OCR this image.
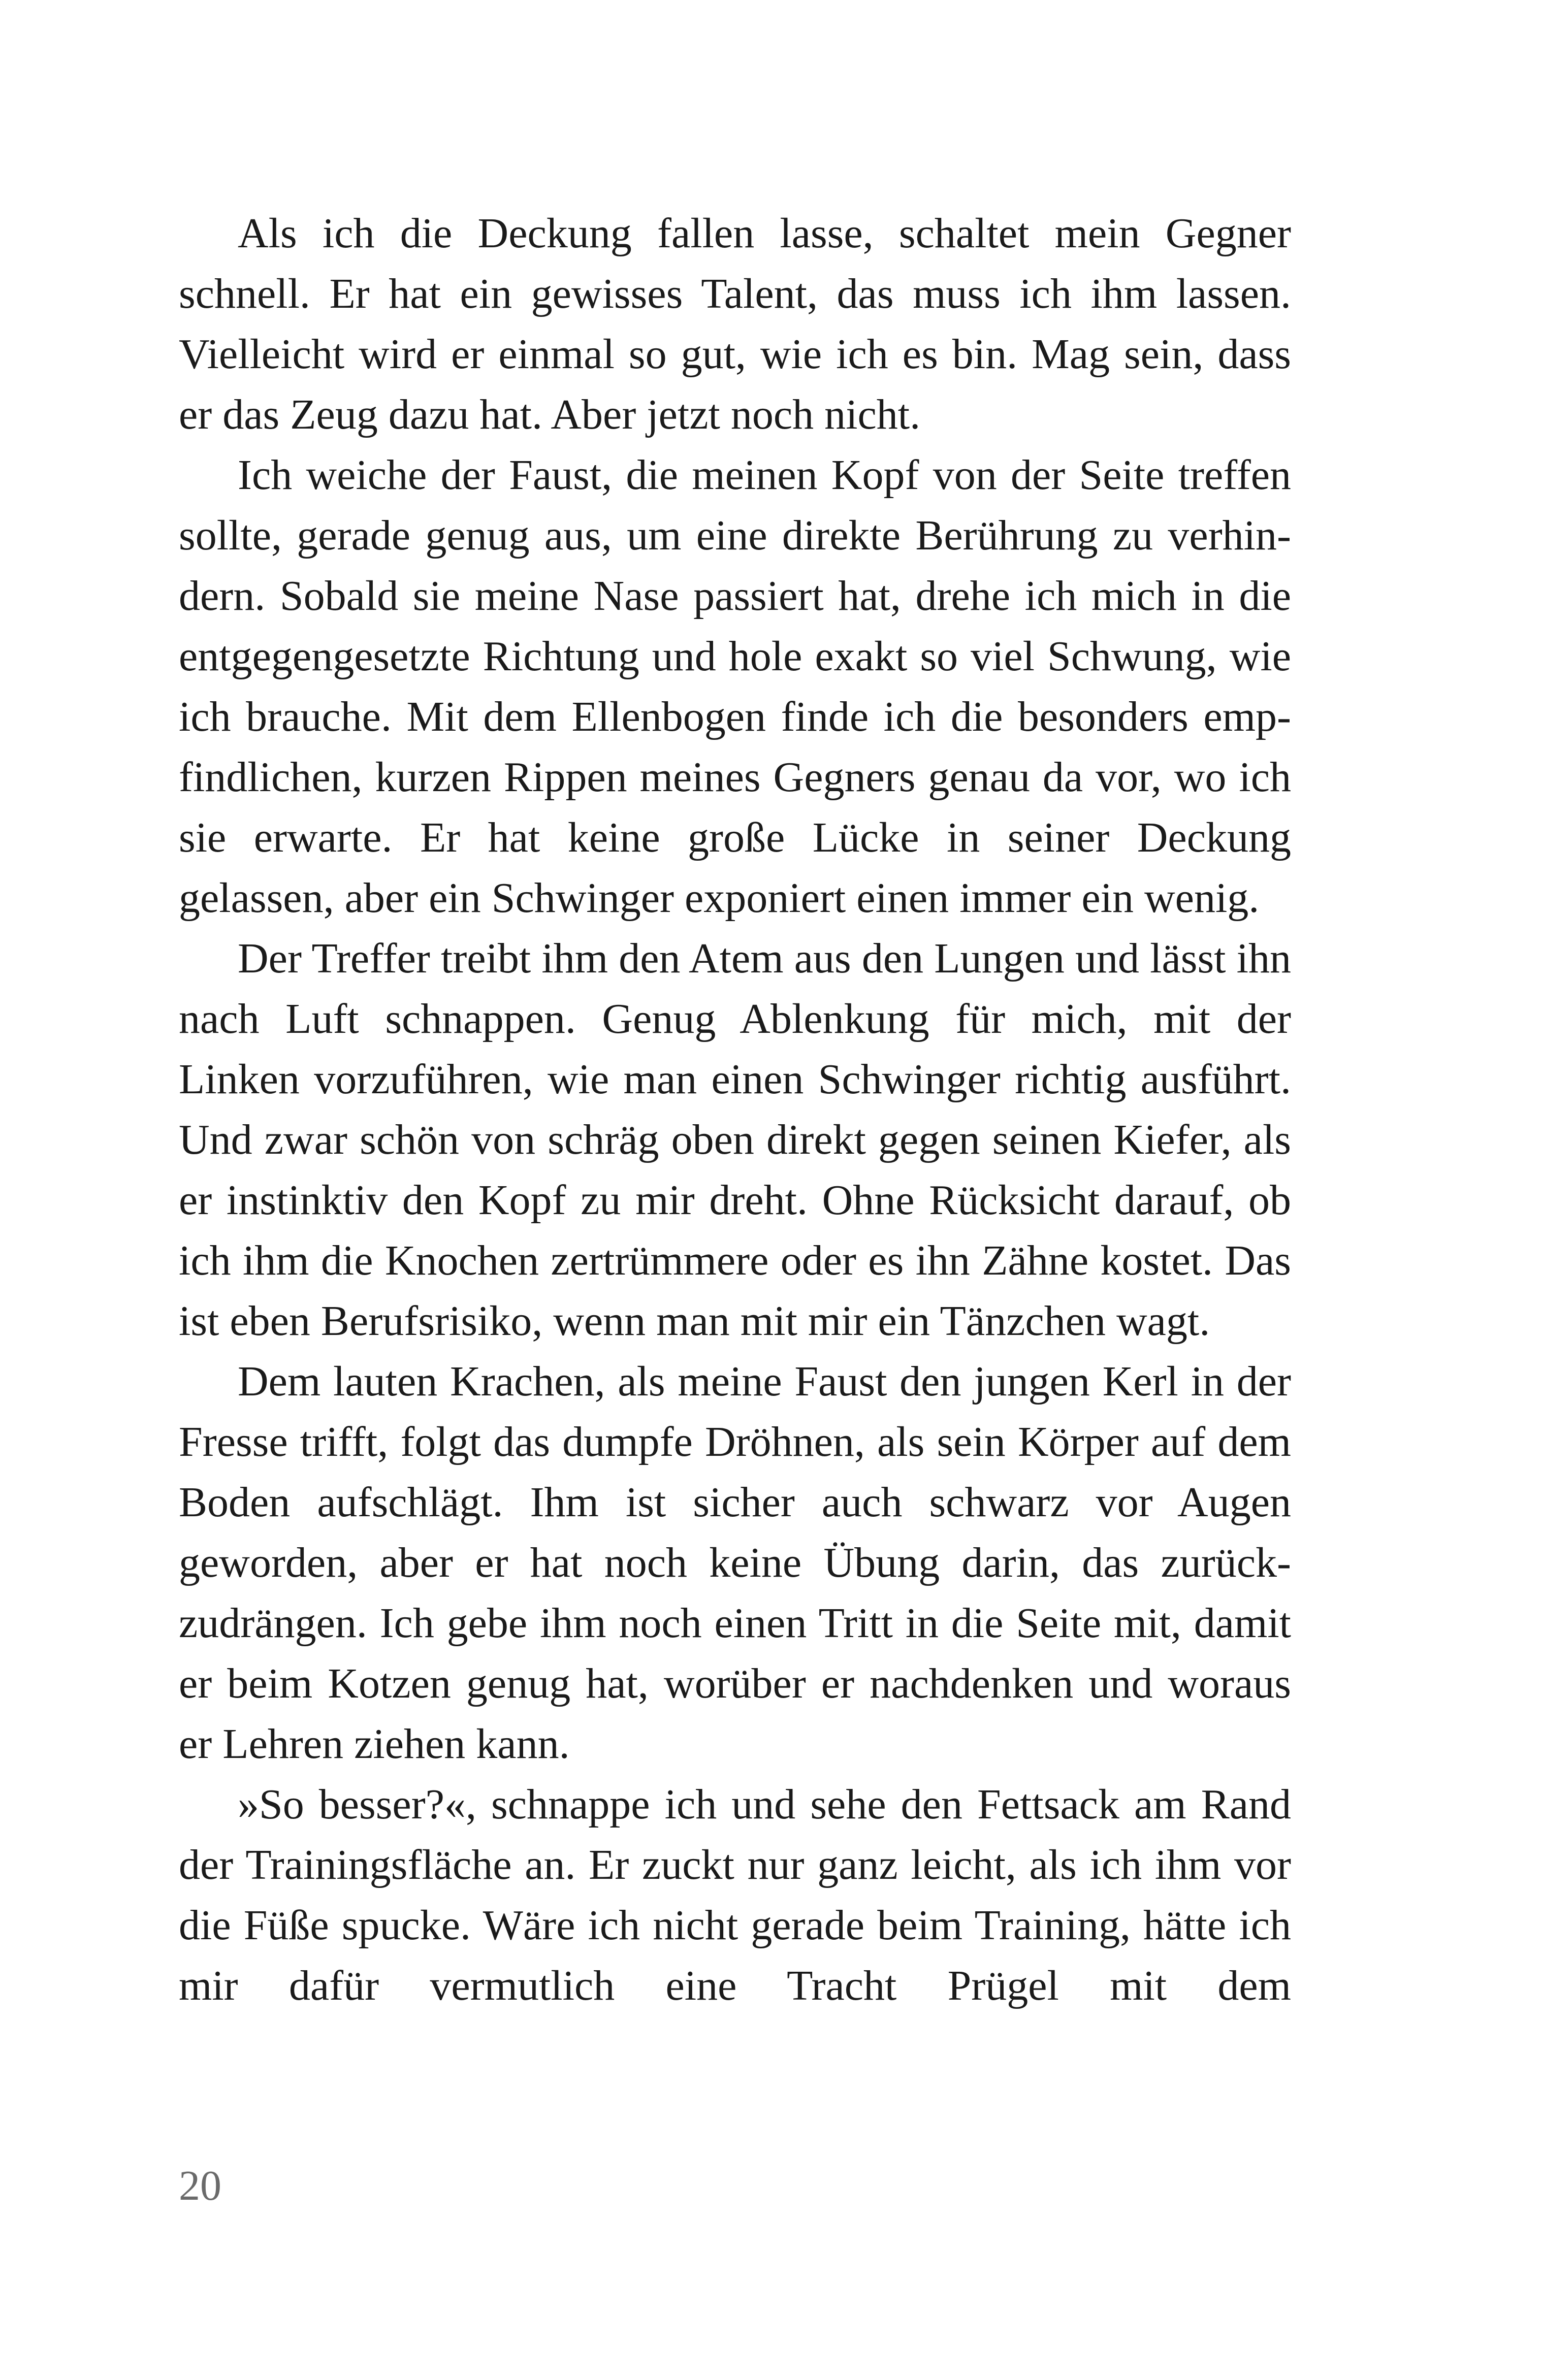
Als ich die Deckung fallen lasse, schaltet mein Gegner schnell. Er hat ein gewisses Talent, das muss ich ihm lassen. Vielleicht wird er einmal so gut, wie ich es bin. Mag sein, dass er das Zeug dazu hat. Aber jetzt noch nicht.

Ich weiche der Faust, die meinen Kopf von der Seite treffen sollte, gerade genug aus, um eine direkte Berührung zu verhindern. Sobald sie meine Nase passiert hat, drehe ich mich in die entgegengesetzte Richtung und hole exakt so viel Schwung, wie ich brauche. Mit dem Ellenbogen finde ich die besonders empfindlichen, kurzen Rippen meines Gegners genau da vor, wo ich sie erwarte. Er hat keine große Lücke in seiner Deckung gelassen, aber ein Schwinger exponiert einen immer ein wenig.

Der Treffer treibt ihm den Atem aus den Lungen und lässt ihn nach Luft schnappen. Genug Ablenkung für mich, mit der Linken vorzuführen, wie man einen Schwinger richtig ausführt. Und zwar schön von schräg oben direkt gegen seinen Kiefer, als er instinktiv den Kopf zu mir dreht. Ohne Rücksicht darauf, ob ich ihm die Knochen zertrümmere oder es ihn Zähne kostet. Das ist eben Berufsrisiko, wenn man mit mir ein Tänzchen wagt.

Dem lauten Krachen, als meine Faust den jungen Kerl in der Fresse trifft, folgt das dumpfe Dröhnen, als sein Körper auf dem Boden aufschlägt. Ihm ist sicher auch schwarz vor Augen geworden, aber er hat noch keine Übung darin, das zurückzudrängen. Ich gebe ihm noch einen Tritt in die Seite mit, damit er beim Kotzen genug hat, worüber er nachdenken und woraus er Lehren ziehen kann.

»So besser?«, schnappe ich und sehe den Fettsack am Rand der Trainingsfläche an. Er zuckt nur ganz leicht, als ich ihm vor die Füße spucke. Wäre ich nicht gerade beim Training, hätte ich mir dafür vermutlich eine Tracht Prügel mit dem

20
